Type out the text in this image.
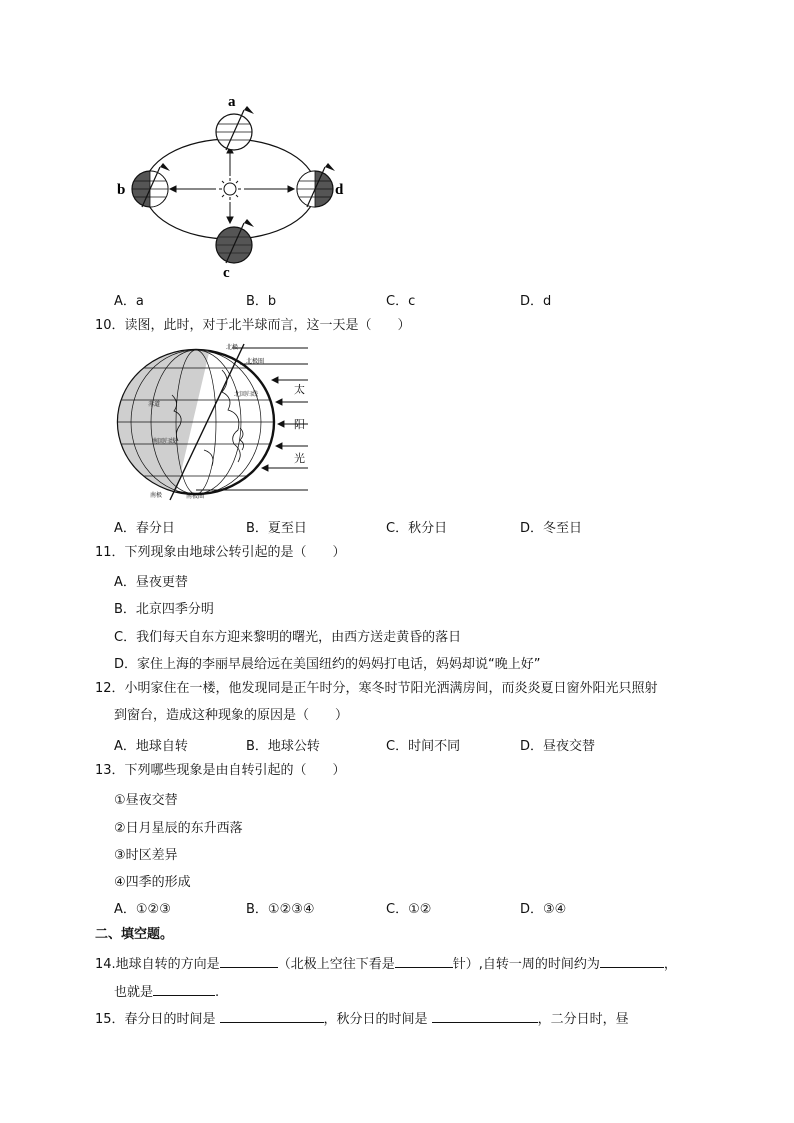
a
b	d
c
A．a	B．b	C．c	D．d
10．读图，此时，对于北半球而言，这一天是（　　）
北极
北极圈
北回归线
赤道
南回归线
南极	南极圈
太
阳
光
A．春分日	B．夏至日	C．秋分日	D．冬至日
11．下列现象由地球公转引起的是（　　）
A．昼夜更替
B．北京四季分明
C．我们每天自东方迎来黎明的曙光，由西方送走黄昏的落日
D．家住上海的李丽早晨给远在美国纽约的妈妈打电话，妈妈却说“晚上好”
12．小明家住在一楼，他发现同是正午时分，寒冬时节阳光洒满房间，而炎炎夏日窗外阳光只照射
到窗台，造成这种现象的原因是（　　）
A．地球自转	B．地球公转	C．时间不同	D．昼夜交替
13．下列哪些现象是由自转引起的（　　）
①昼夜交替
②日月星辰的东升西落
③时区差异
④四季的形成
A．①②③	B．①②③④	C．①②	D．③④
二、填空题。
14.地球自转的方向是	（北极上空往下看是	针）,自转一周的时间约为	，
也就是	.
15．春分日的时间是	，秋分日的时间是	，二分日时，昼
